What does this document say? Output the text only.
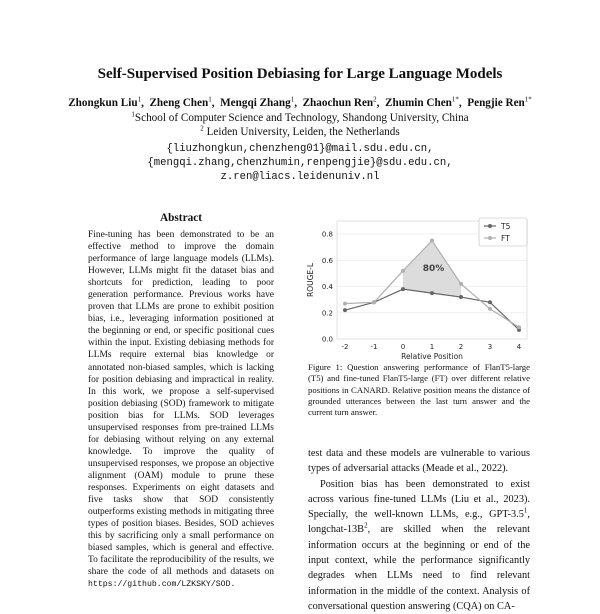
Self-Supervised Position Debiasing for Large Language Models
Zhongkun Liu$^1$,  Zheng Chen$^1$,  Mengqi Zhang$^1$,  Zhaochun Ren$^2$,  Zhumin Chen$^{1*}$,  Pengjie Ren$^{1*}$
$^1$School of Computer Science and Technology, Shandong University, China
$^2$ Leiden University, Leiden, the Netherlands
{liuzhongkun,chenzheng01}@mail.sdu.edu.cn,
{mengqi.zhang,chenzhumin,renpengjie}@sdu.edu.cn,
z.ren@liacs.leidenuniv.nl
Abstract
Fine-tuning has been demonstrated to be an effective method to improve the domain performance of large language models (LLMs). However, LLMs might fit the dataset bias and shortcuts for prediction, leading to poor generation performance. Previous works have proven that LLMs are prone to exhibit position bias, i.e., leveraging information positioned at the beginning or end, or specific positional cues within the input. Existing debiasing methods for LLMs require external bias knowledge or annotated non-biased samples, which is lacking for position debiasing and impractical in reality. In this work, we propose a self-supervised position debiasing (SOD) framework to mitigate position bias for LLMs. SOD leverages unsupervised responses from pre-trained LLMs for debiasing without relying on any external knowledge. To improve the quality of unsupervised responses, we propose an objective alignment (OAM) module to prune these responses. Experiments on eight datasets and five tasks show that SOD consistently outperforms existing methods in mitigating three types of position biases. Besides, SOD achieves this by sacrificing only a small performance on biased samples, which is general and effective. To facilitate the reproducibility of the results, we share the code of all methods and datasets on https://github.com/LZKSKY/SOD.
0.0
0.2
0.4
0.6
0.8
-2	-1	0	1	2	3	4
80%
ROUGE-L
Relative Position
T5
FT
Figure 1: Question answering performance of FlanT5-large (T5) and fine-tuned FlanT5-large (FT) over different relative positions in CANARD. Relative position means the distance of grounded utterances between the last turn answer and the current turn answer.

test data and these models are vulnerable to various types of adversarial attacks (Meade et al., 2022).

Position bias has been demonstrated to exist across various fine-tuned LLMs (Liu et al., 2023). Specially, the well-known LLMs, e.g., GPT-$3.5^1$, longchat-$13B^2$, are skilled when the relevant information occurs at the beginning or end of the input context, while the performance significantly degrades when LLMs need to find relevant information in the middle of the context. Analysis of conversational question answering (CQA) on CA-
